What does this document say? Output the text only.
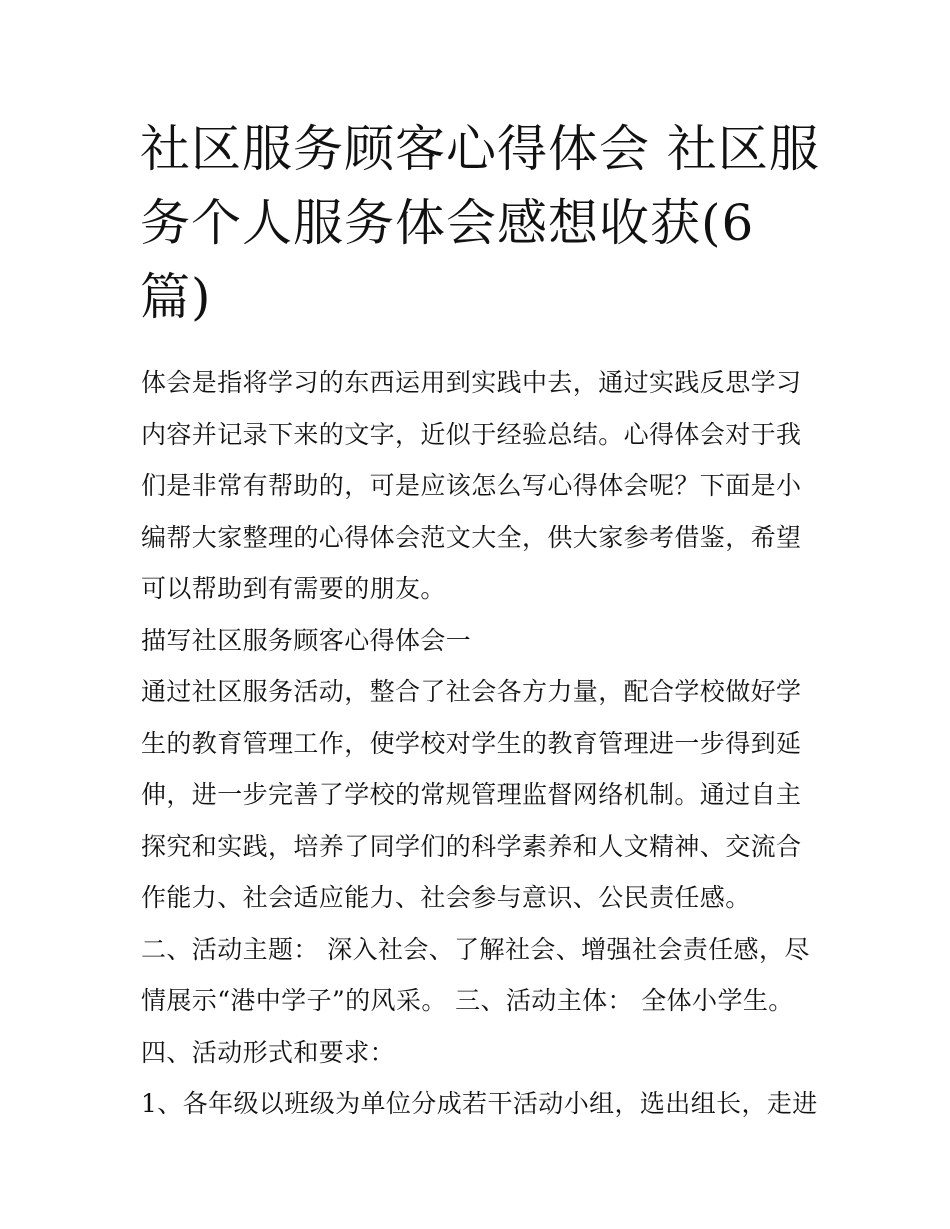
社区服务顾客心得体会 社区服务个人服务体会感想收获(6篇)

体会是指将学习的东西运用到实践中去，通过实践反思学习内容并记录下来的文字，近似于经验总结。心得体会对于我们是非常有帮助的，可是应该怎么写心得体会呢？下面是小编帮大家整理的心得体会范文大全，供大家参考借鉴，希望可以帮助到有需要的朋友。

描写社区服务顾客心得体会一

通过社区服务活动，整合了社会各方力量，配合学校做好学生的教育管理工作，使学校对学生的教育管理进一步得到延伸，进一步完善了学校的常规管理监督网络机制。通过自主探究和实践，培养了同学们的科学素养和人文精神、交流合作能力、社会适应能力、社会参与意识、公民责任感。

二、活动主题： 深入社会、了解社会、增强社会责任感，尽情展示“港中学子”的风采。 三、活动主体： 全体小学生。

四、活动形式和要求：

1、各年级以班级为单位分成若干活动小组，选出组长，走进
